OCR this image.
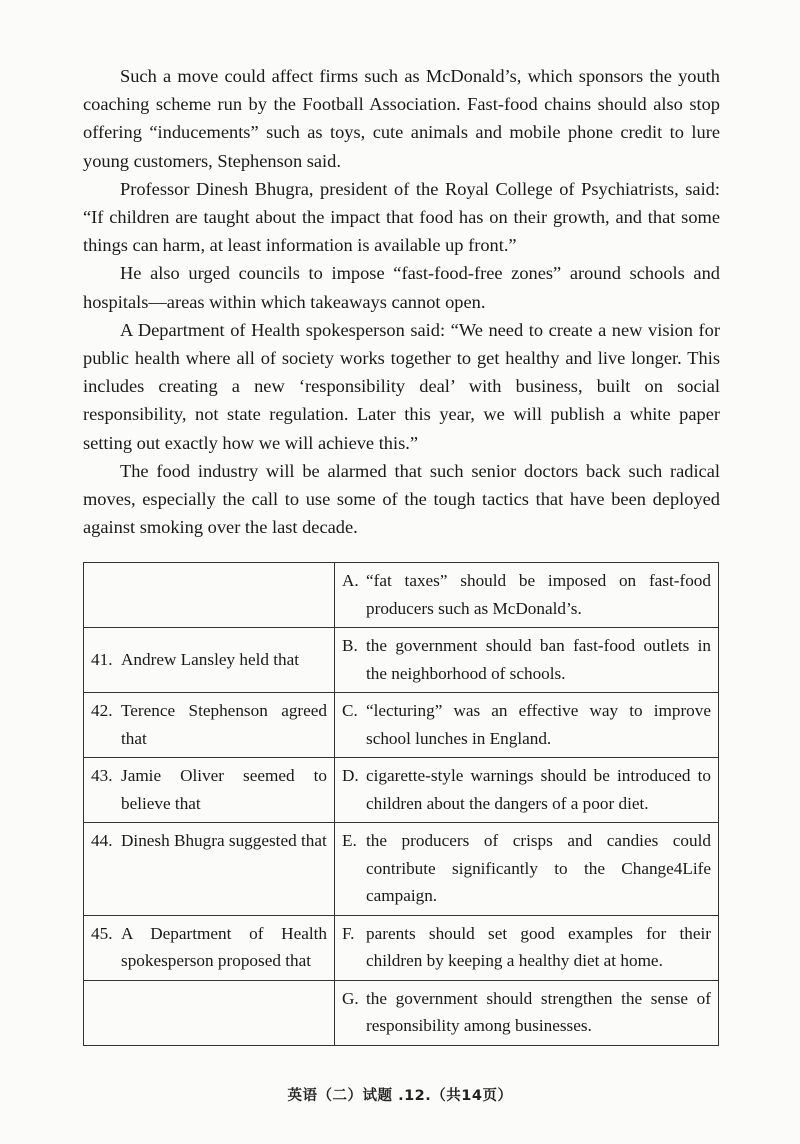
Such a move could affect firms such as McDonald’s, which sponsors the youth coaching scheme run by the Football Association. Fast-food chains should also stop offering “inducements” such as toys, cute animals and mobile phone credit to lure young customers, Stephenson said.

Professor Dinesh Bhugra, president of the Royal College of Psychiatrists, said: “If children are taught about the impact that food has on their growth, and that some things can harm, at least information is available up front.”

He also urged councils to impose “fast-food-free zones” around schools and hospitals—areas within which takeaways cannot open.

A Department of Health spokesperson said: “We need to create a new vision for public health where all of society works together to get healthy and live longer. This includes creating a new ‘responsibility deal’ with business, built on social responsibility, not state regulation. Later this year, we will publish a white paper setting out exactly how we will achieve this.”

The food industry will be alarmed that such senior doctors back such radical moves, especially the call to use some of the tough tactics that have been deployed against smoking over the last decade.

	A. “fat taxes” should be imposed on fast-food producers such as McDonald’s.

41. Andrew Lansley held that	B. the government should ban fast-food outlets in the neighborhood of schools.

42. Terence Stephenson agreed that	C. “lecturing” was an effective way to improve school lunches in England.

43. Jamie Oliver seemed to believe that	D. cigarette-style warnings should be introduced to children about the dangers of a poor diet.

44. Dinesh Bhugra suggested that	E. the producers of crisps and candies could contribute significantly to the Change4Life campaign.

45. A Department of Health spokesperson proposed that	F. parents should set good examples for their children by keeping a healthy diet at home.

	G. the government should strengthen the sense of responsibility among businesses.
英语（二）试题 .12.（共14页）
